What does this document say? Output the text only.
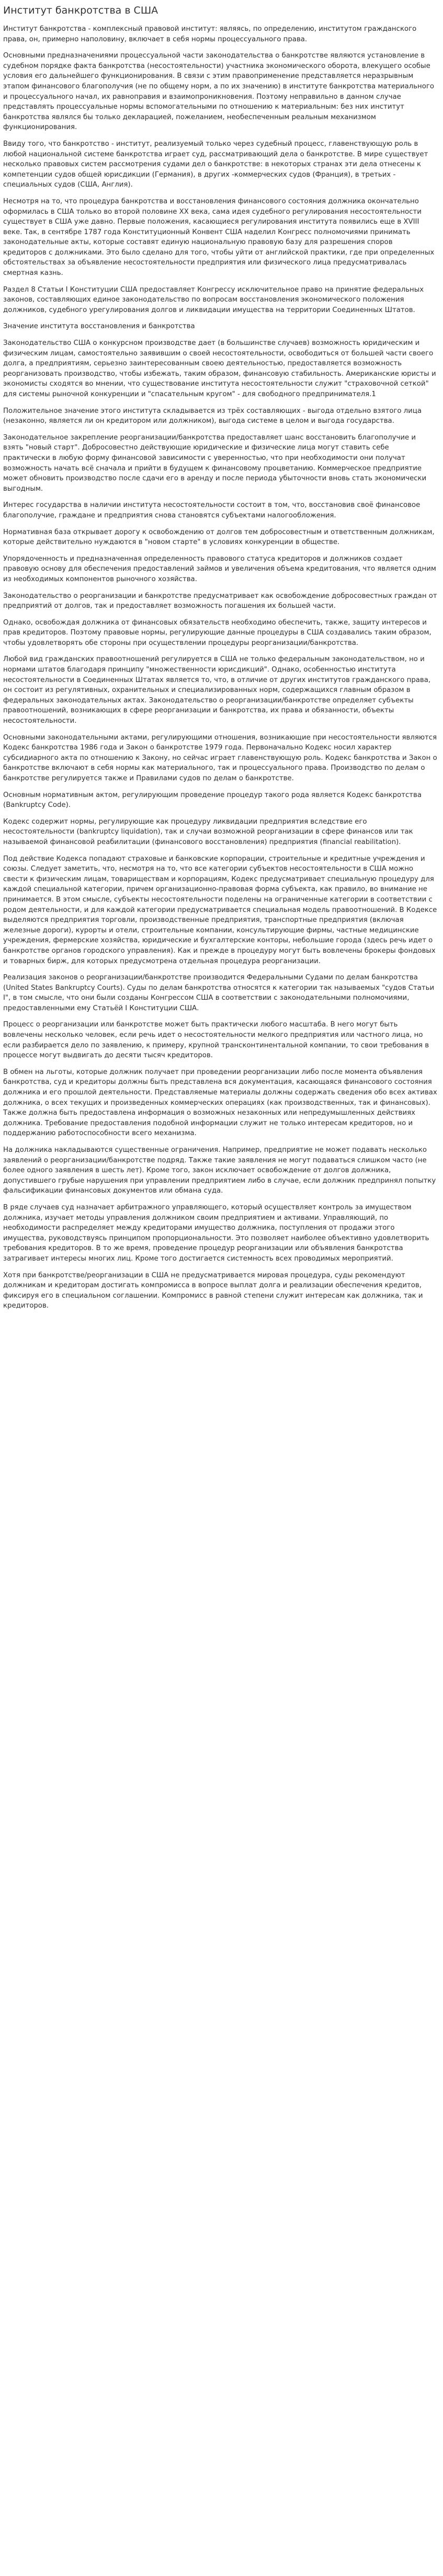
Институт банкротства в США

Институт банкротства - комплексный правовой институт: являясь, по определению, институтом гражданского права, он, примерно наполовину, включает в себя нормы процессуального права.

Основными предназначениями процессуальной части законодательства о банкротстве являются установление в судебном порядке факта банкротства (несостоятельности) участника экономического оборота, влекущего особые условия его дальнейшего функционирования. В связи с этим правоприменение представляется неразрывным этапом финансового благополучия (не по общему норм, а по их значению) в институте банкротства материального и процессуального начал, их равноправия и взаимопроникновения. Поэтому неправильно в данном случае представлять процессуальные нормы вспомогательными по отношению к материальным: без них институт банкротства являлся бы только декларацией, пожеланием, необеспеченным реальным механизмом функционирования.

Ввиду того, что банкротство - институт, реализуемый только через судебный процесс, главенствующую роль в любой национальной системе банкротства играет суд, рассматривающий дела о банкротстве. В мире существует несколько правовых систем рассмотрения судами дел о банкротстве: в некоторых странах эти дела отнесены к компетенции судов общей юрисдикции (Германия), в других -коммерческих судов (Франция), в третьих - специальных судов (США, Англия).

Несмотря на то, что процедура банкротства и восстановления финансового состояния должника окончательно оформилась в США только во второй половине XX века, сама идея судебного регулирования несостоятельности существует в США уже давно. Первые положения, касающиеся регулирования института появились еще в XVIII веке. Так, в сентябре 1787 года Конституционный Конвент США наделил Конгресс полномочиями принимать законодательные акты, которые составят единую национальную правовую базу для разрешения споров кредиторов с должниками. Это было сделано для того, чтобы уйти от английской практики, где при определенных обстоятельствах за объявление несостоятельности предприятия или физического лица предусматривалась смертная казнь.

Раздел 8 Статьи I Конституции США предоставляет Конгрессу исключительное право на принятие федеральных законов, составляющих единое законодательство по вопросам восстановления экономического положения должников, судебного урегулирования долгов и ликвидации имущества на территории Соединенных Штатов.

Значение института восстановления и банкротства

Законодательство США о конкурсном производстве дает (в большинстве случаев) возможность юридическим и физическим лицам, самостоятельно заявившим о своей несостоятельности, освободиться от большей части своего долга, а предприятиям, серьезно заинтересованным своею деятельностью, предоставляется возможность реорганизовать производство, чтобы избежать, таким образом, финансовую стабильность. Американские юристы и экономисты сходятся во мнении, что существование института несостоятельности служит "страховочной сеткой" для системы рыночной конкуренции и "спасательным кругом" - для свободного предпринимателя.1

Положительное значение этого института складывается из трёх составляющих - выгода отдельно взятого лица (незаконно, является ли он кредитором или должником), выгода системе в целом и выгода государства.

Законодательное закрепление реорганизации/банкротства предоставляет шанс восстановить благополучие и взять "новый старт". Добросовестно действующие юридические и физические лица могут ставить себе практически в любую форму финансовой зависимости с уверенностью, что при необходимости они получат возможность начать всё сначала и прийти в будущем к финансовому процветанию. Коммерческое предприятие может обновить производство после сдачи его в аренду и после периода убыточности вновь стать экономически выгодным.

Интерес государства в наличии института несостоятельности состоит в том, что, восстановив своё финансовое благополучие, граждане и предприятия снова становятся субъектами налогообложения.

Нормативная база открывает дорогу к освобождению от долгов тем добросовестным и ответственным должникам, которые действительно нуждаются в "новом старте" в условиях конкуренции в обществе.

Упорядоченность и предназначенная определенность правового статуса кредиторов и должников создает правовую основу для обеспечения предоставлений займов и увеличения объема кредитования, что является одним из необходимых компонентов рыночного хозяйства.

Законодательство о реорганизации и банкротстве предусматривает как освобождение добросовестных граждан от предприятий от долгов, так и предоставляет возможность погашения их большей части.

Однако, освобождая должника от финансовых обязательств необходимо обеспечить, также, защиту интересов и прав кредиторов. Поэтому правовые нормы, регулирующие данные процедуры в США создавались таким образом, чтобы удовлетворять обе стороны при осуществлении процедуры реорганизации/банкротства.

Любой вид гражданских правоотношений регулируется в США не только федеральным законодательством, но и нормами штатов благодаря принципу "множественности юрисдикций". Однако, особенностью института несостоятельности в Соединенных Штатах является то, что, в отличие от других институтов гражданского права, он состоит из регулятивных, охранительных и специализированных норм, содержащихся главным образом в федеральных законодательных актах. Законодательство о реорганизации/банкротстве определяет субъекты правоотношений, возникающих в сфере реорганизации и банкротства, их права и обязанности, объекты несостоятельности.

Основными законодательными актами, регулирующими отношения, возникающие при несостоятельности являются Кодекс банкротства 1986 года и Закон о банкротстве 1979 года. Первоначально Кодекс носил характер субсидиарного акта по отношению к Закону, но сейчас играет главенствующую роль. Кодекс банкротства и Закон о банкротстве включают в себя нормы как материального, так и процессуального права. Производство по делам о банкротстве регулируется также и Правилами судов по делам о банкротстве.

Основным нормативным актом, регулирующим проведение процедур такого рода является Кодекс банкротства (Bankruptcy Code).

Кодекс содержит нормы, регулирующие как процедуру ликвидации предприятия вследствие его несостоятельности (bankruptcy liquidation), так и случаи возможной реорганизации в сфере финансов или так называемой финансовой реабилитации (финансового восстановления) предприятия (financial reabilitation).

Под действие Кодекса попадают страховые и банковские корпорации, строительные и кредитные учреждения и союзы. Следует заметить, что, несмотря на то, что все категории субъектов несостоятельности в США можно свести к физическим лицам, товариществам и корпорациям, Кодекс предусматривает специальную процедуру для каждой специальной категории, причем организационно-правовая форма субъекта, как правило, во внимание не принимается. В этом смысле, субъекты несостоятельности поделены на ограниченные категории в соответствии с родом деятельности, и для каждой категории предусматривается специальная модель правоотношений. В Кодексе выделяются предприятия торговли, производственные предприятия, транспортные предприятия (включая железные дороги), курорты и отели, строительные компании, консультирующие фирмы, частные медицинские учреждения, фермерские хозяйства, юридические и бухгалтерские конторы, небольшие города (здесь речь идет о банкротстве органов городского управления). Как и прежде в процедуру могут быть вовлечены брокеры фондовых и товарных бирж, для которых предусмотрена отдельная процедура реорганизации.

Реализация законов о реорганизации/банкротстве производится Федеральными Судами по делам банкротства (United States Bankruptcy Courts). Суды по делам банкротства относятся к категории так называемых "судов Статьи I", в том смысле, что они были созданы Конгрессом США в соответствии с законодательными полномочиями, предоставленными ему Статьёй I Конституции США.

Процесс о реорганизации или банкротстве может быть практически любого масштаба. В него могут быть вовлечены несколько человек, если речь идет о несостоятельности мелкого предприятия или частного лица, но если разбирается дело по заявлению, к примеру, крупной трансконтинентальной компании, то свои требования в процессе могут выдвигать до десяти тысяч кредиторов.

В обмен на льготы, которые должник получает при проведении реорганизации либо после момента объявления банкротства, суд и кредиторы должны быть представлена вся документация, касающаяся финансового состояния должника и его прошлой деятельности. Представляемые материалы должны содержать сведения обо всех активах должника, о всех текущих и произведенных коммерческих операциях (как производственных, так и финансовых). Также должна быть предоставлена информация о возможных незаконных или непредумышленных действиях должника. Требование предоставления подобной информации служит не только интересам кредиторов, но и поддержанию работоспособности всего механизма.

На должника накладываются существенные ограничения. Например, предприятие не может подавать несколько заявлений о реорганизации/банкротстве подряд. Также такие заявления не могут подаваться слишком часто (не более одного заявления в шесть лет). Кроме того, закон исключает освобождение от долгов должника, допустившего грубые нарушения при управлении предприятием либо в случае, если должник предпринял попытку фальсификации финансовых документов или обмана суда.

В ряде случаев суд назначает арбитражного управляющего, который осуществляет контроль за имуществом должника, изучает методы управления должником своим предприятием и активами. Управляющий, по необходимости распределяет между кредиторами имущество должника, поступления от продажи этого имущества, руководствуясь принципом пропорциональности. Это позволяет наиболее объективно удовлетворить требования кредиторов. В то же время, проведение процедур реорганизации или объявления банкротства затрагивает интересы многих лиц. Кроме того достигается системность всех проводимых мероприятий.

Хотя при банкротстве/реорганизации в США не предусматривается мировая процедура, суды рекомендуют должникам и кредиторам достигать компромисса в вопросе выплат долга и реализации обеспечения кредитов, фиксируя его в специальном соглашении. Компромисс в равной степени служит интересам как должника, так и кредиторов.
